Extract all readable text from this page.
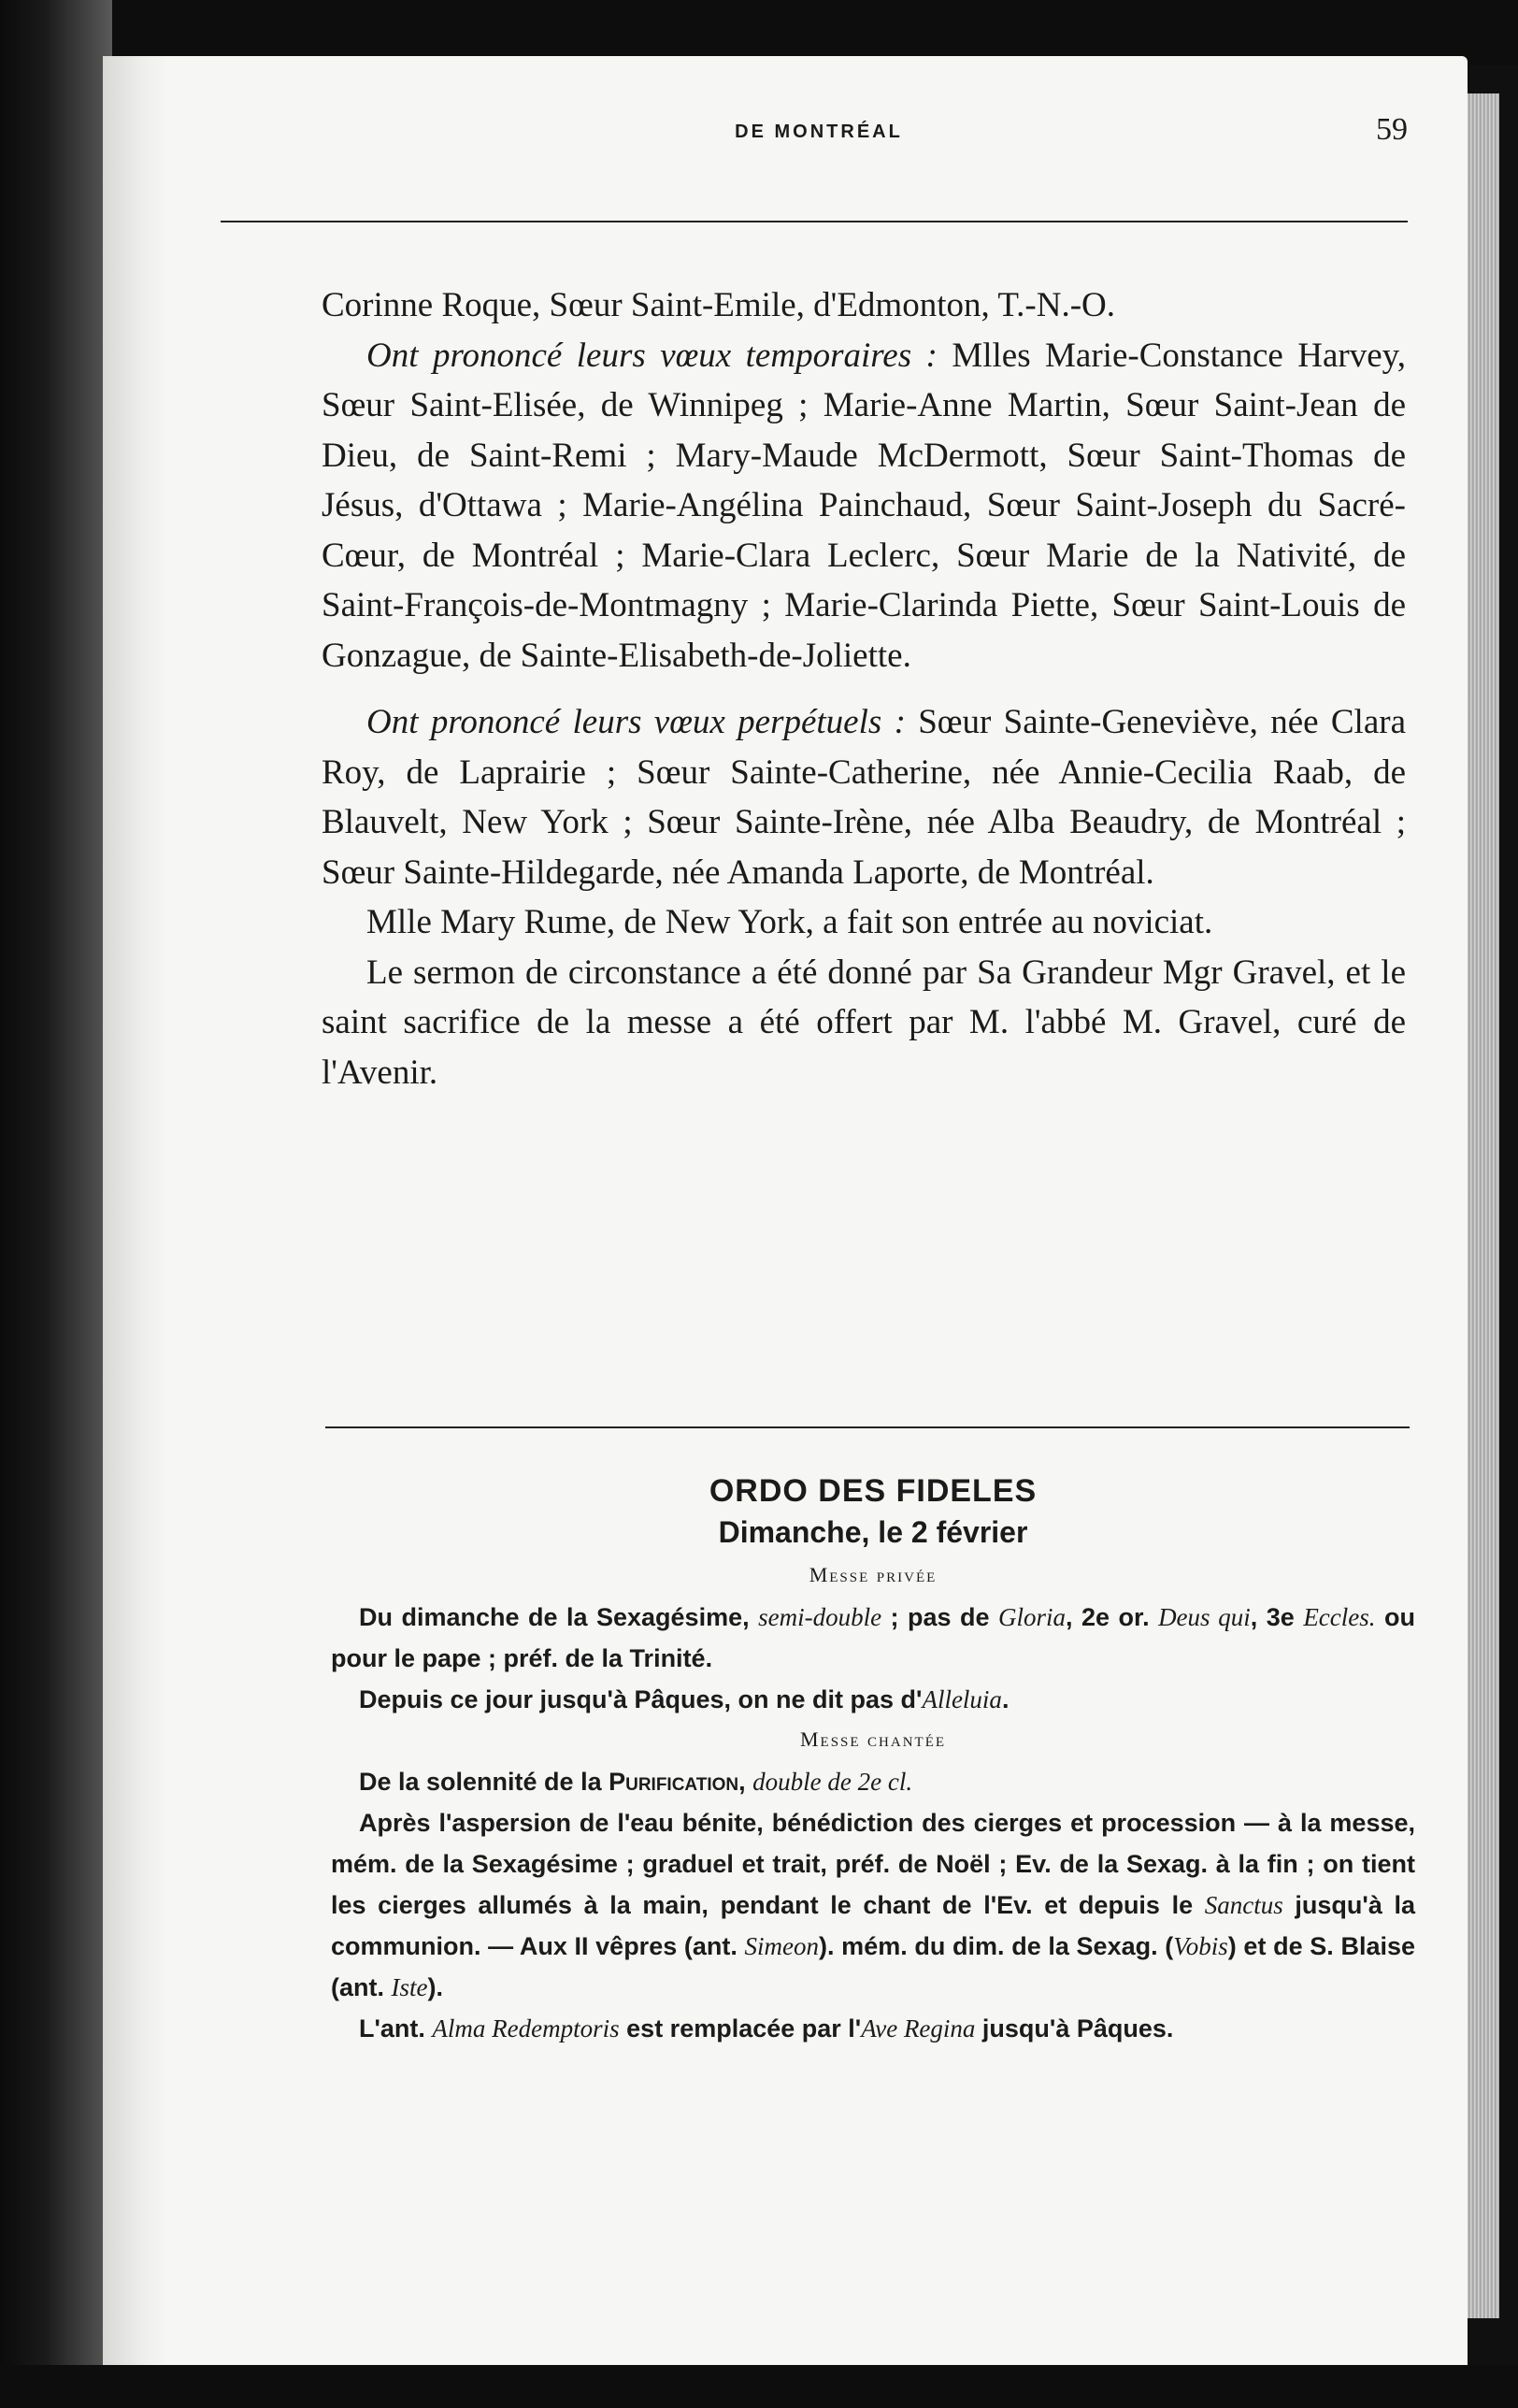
DE MONTRÉAL	59

Corinne Roque, Sœur Saint-Emile, d'Edmonton, T.-N.-O.

Ont prononcé leurs vœux temporaires : Mlles Marie-Constance Harvey, Sœur Saint-Elisée, de Winnipeg ; Marie-Anne Martin, Sœur Saint-Jean de Dieu, de Saint-Remi ; Mary-Maude McDermott, Sœur Saint-Thomas de Jésus, d'Ottawa ; Marie-Angélina Painchaud, Sœur Saint-Joseph du Sacré-Cœur, de Montréal ; Marie-Clara Leclerc, Sœur Marie de la Nativité, de Saint-François-de-Montmagny ; Marie-Clarinda Piette, Sœur Saint-Louis de Gonzague, de Sainte-Elisabeth-de-Joliette.

Ont prononcé leurs vœux perpétuels : Sœur Sainte-Geneviève, née Clara Roy, de Laprairie ; Sœur Sainte-Catherine, née Annie-Cecilia Raab, de Blauvelt, New York ; Sœur Sainte-Irène, née Alba Beaudry, de Montréal ; Sœur Sainte-Hildegarde, née Amanda Laporte, de Montréal.

Mlle Mary Rume, de New York, a fait son entrée au noviciat.

Le sermon de circonstance a été donné par Sa Grandeur Mgr Gravel, et le saint sacrifice de la messe a été offert par M. l'abbé M. Gravel, curé de l'Avenir.

ORDO DES FIDELES
Dimanche, le 2 février
Messe privée

Du dimanche de la Sexagésime, semi-double ; pas de Gloria, 2e or. Deus qui, 3e Eccles. ou pour le pape ; préf. de la Trinité.

Depuis ce jour jusqu'à Pâques, on ne dit pas d'Alleluia.

Messe chantée

De la solennité de la Purification, double de 2e cl.

Après l'aspersion de l'eau bénite, bénédiction des cierges et procession — à la messe, mém. de la Sexagésime ; graduel et trait, préf. de Noël ; Ev. de la Sexag. à la fin ; on tient les cierges allumés à la main, pendant le chant de l'Ev. et depuis le Sanctus jusqu'à la communion. — Aux II vêpres (ant. Simeon). mém. du dim. de la Sexag. (Vobis) et de S. Blaise (ant. Iste).

L'ant. Alma Redemptoris est remplacée par l'Ave Regina jusqu'à Pâques.
